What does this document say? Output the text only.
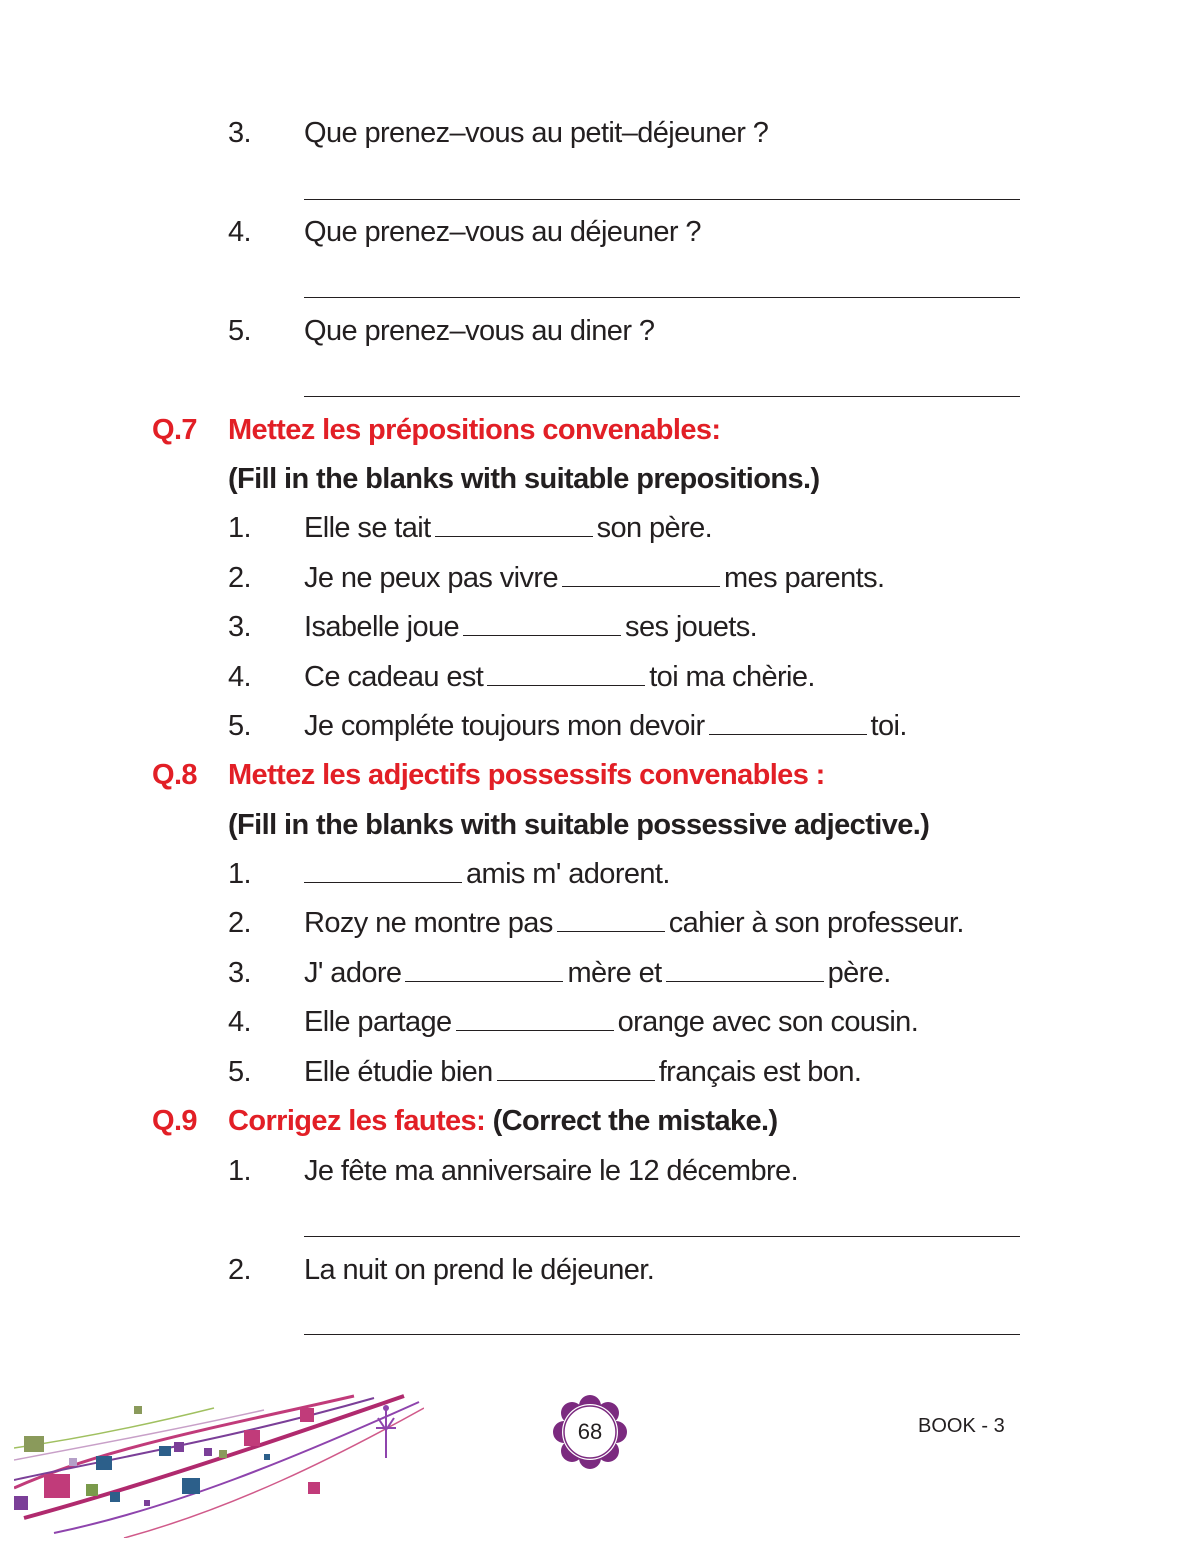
3. Que prenez–vous au petit–déjeuner ?
4. Que prenez–vous au déjeuner ?
5. Que prenez–vous au diner ?
Q.7 Mettez les prépositions convenables:
(Fill in the blanks with suitable prepositions.)
1. Elle se tait	son père.
2. Je ne peux pas vivre	mes parents.
3. Isabelle joue	ses jouets.
4. Ce cadeau est	toi ma chèrie.
5. Je compléte toujours mon devoir	toi.
Q.8 Mettez les adjectifs possessifs convenables :
(Fill in the blanks with suitable possessive adjective.)
1.	amis m' adorent.
2. Rozy ne montre pas	cahier à son professeur.
3. J' adore	mère et	père.
4. Elle partage	orange avec son cousin.
5. Elle étudie bien	français est bon.
Q.9 Corrigez les fautes: (Correct the mistake.)
1. Je fête ma anniversaire le 12 décembre.
2. La nuit on prend le déjeuner.
68	BOOK - 3
